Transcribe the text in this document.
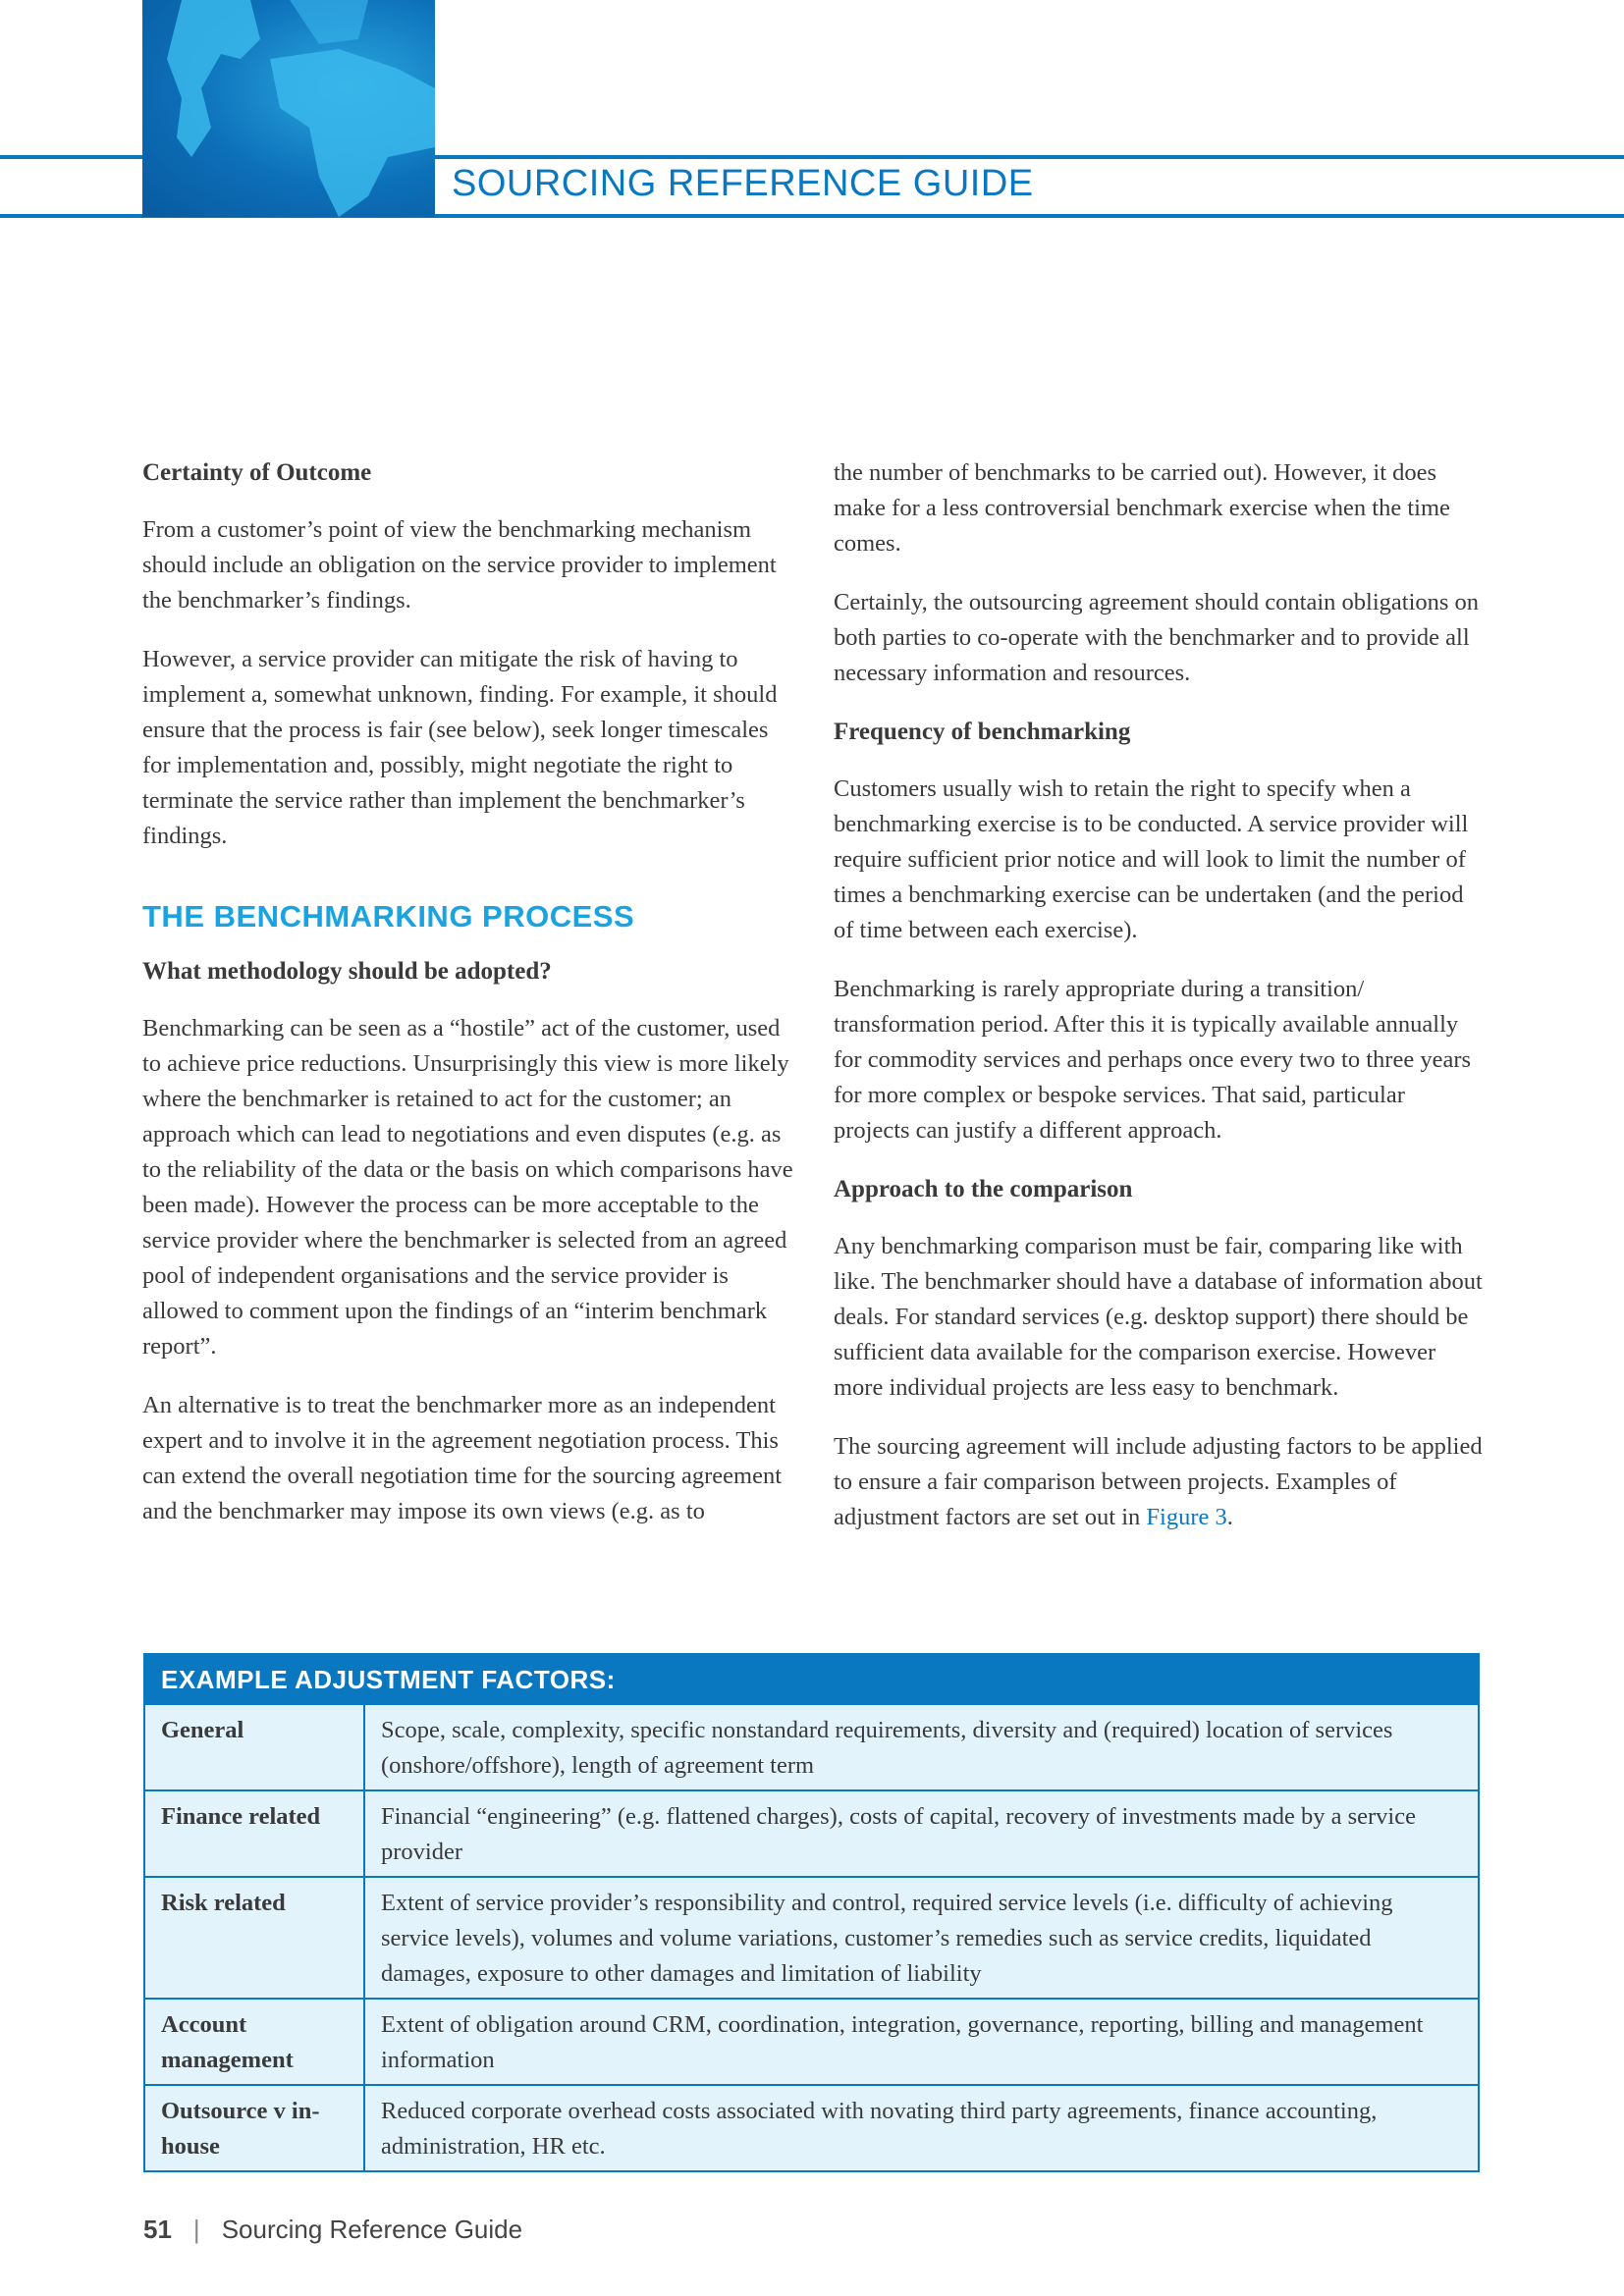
SOURCING REFERENCE GUIDE
Certainty of Outcome

From a customer’s point of view the benchmarking mechanism should include an obligation on the service provider to implement the benchmarker’s findings.

However, a service provider can mitigate the risk of having to implement a, somewhat unknown, finding. For example, it should ensure that the process is fair (see below), seek longer timescales for implementation and, possibly, might negotiate the right to terminate the service rather than implement the benchmarker’s findings.

THE BENCHMARKING PROCESS
What methodology should be adopted?

Benchmarking can be seen as a “hostile” act of the customer, used to achieve price reductions. Unsurprisingly this view is more likely where the benchmarker is retained to act for the customer; an approach which can lead to negotiations and even disputes (e.g. as to the reliability of the data or the basis on which comparisons have been made). However the process can be more acceptable to the service provider where the benchmarker is selected from an agreed pool of independent organisations and the service provider is allowed to comment upon the findings of an “interim benchmark report”.

An alternative is to treat the benchmarker more as an independent expert and to involve it in the agreement negotiation process. This can extend the overall negotiation time for the sourcing agreement and the benchmarker may impose its own views (e.g. as to

the number of benchmarks to be carried out). However, it does make for a less controversial benchmark exercise when the time comes.

Certainly, the outsourcing agreement should contain obligations on both parties to co-operate with the benchmarker and to provide all necessary information and resources.

Frequency of benchmarking

Customers usually wish to retain the right to specify when a benchmarking exercise is to be conducted. A service provider will require sufficient prior notice and will look to limit the number of times a benchmarking exercise can be undertaken (and the period of time between each exercise).

Benchmarking is rarely appropriate during a transition/ transformation period. After this it is typically available annually for commodity services and perhaps once every two to three years for more complex or bespoke services. That said, particular projects can justify a different approach.

Approach to the comparison

Any benchmarking comparison must be fair, comparing like with like. The benchmarker should have a database of information about deals. For standard services (e.g. desktop support) there should be sufficient data available for the comparison exercise. However more individual projects are less easy to benchmark.

The sourcing agreement will include adjusting factors to be applied to ensure a fair comparison between projects. Examples of adjustment factors are set out in Figure 3.

EXAMPLE ADJUSTMENT FACTORS:	
General	Scope, scale, complexity, specific nonstandard requirements, diversity and (required) location of services (onshore/offshore), length of agreement term
Finance related	Financial “engineering” (e.g. flattened charges), costs of capital, recovery of investments made by a service provider
Risk related	Extent of service provider’s responsibility and control, required service levels (i.e. difficulty of achieving service levels), volumes and volume variations, customer’s remedies such as service credits, liquidated damages, exposure to other damages and limitation of liability
Account management	Extent of obligation around CRM, coordination, integration, governance, reporting, billing and management information
Outsource v in-house	Reduced corporate overhead costs associated with novating third party agreements, finance accounting, administration, HR etc.
51 | Sourcing Reference Guide
